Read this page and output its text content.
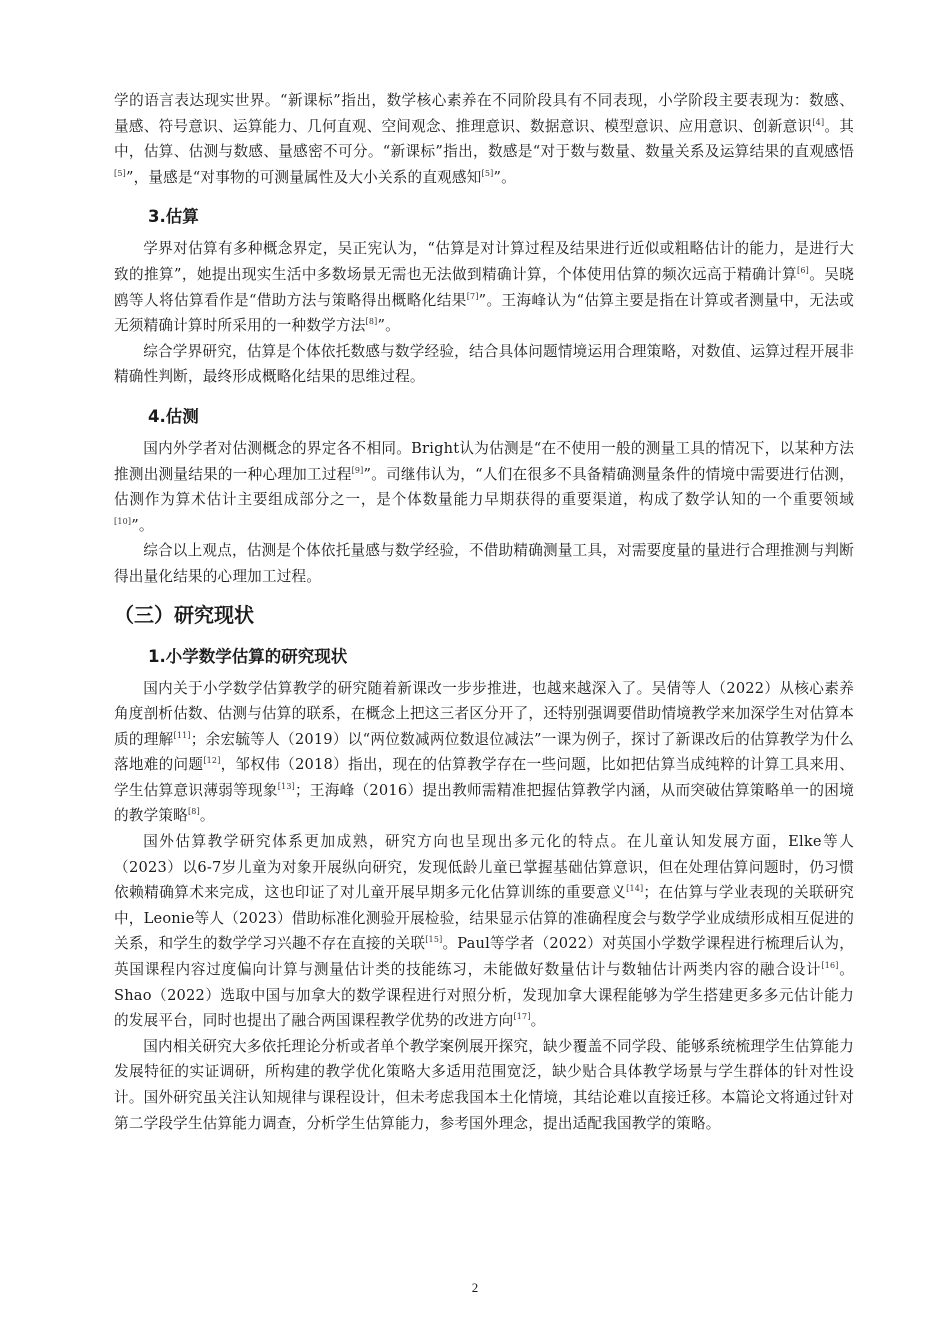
学的语言表达现实世界。“新课标”指出，数学核心素养在不同阶段具有不同表现，小学阶段主要表现为：数感、量感、符号意识、运算能力、几何直观、空间观念、推理意识、数据意识、模型意识、应用意识、创新意识[4]。其中，估算、估测与数感、量感密不可分。“新课标”指出，数感是“对于数与数量、数量关系及运算结果的直观感悟[5]”，量感是“对事物的可测量属性及大小关系的直观感知[5]”。

3.估算

学界对估算有多种概念界定，吴正宪认为，“估算是对计算过程及结果进行近似或粗略估计的能力，是进行大致的推算”，她提出现实生活中多数场景无需也无法做到精确计算，个体使用估算的频次远高于精确计算[6]。吴晓鸥等人将估算看作是“借助方法与策略得出概略化结果[7]”。王海峰认为“估算主要是指在计算或者测量中，无法或无须精确计算时所采用的一种数学方法[8]”。

综合学界研究，估算是个体依托数感与数学经验，结合具体问题情境运用合理策略，对数值、运算过程开展非精确性判断，最终形成概略化结果的思维过程。

4.估测

国内外学者对估测概念的界定各不相同。Bright认为估测是“在不使用一般的测量工具的情况下，以某种方法推测出测量结果的一种心理加工过程[9]”。司继伟认为，“人们在很多不具备精确测量条件的情境中需要进行估测，估测作为算术估计主要组成部分之一，是个体数量能力早期获得的重要渠道，构成了数学认知的一个重要领域[10]”。

综合以上观点，估测是个体依托量感与数学经验，不借助精确测量工具，对需要度量的量进行合理推测与判断得出量化结果的心理加工过程。

（三）研究现状
1.小学数学估算的研究现状

国内关于小学数学估算教学的研究随着新课改一步步推进，也越来越深入了。吴倩等人（2022）从核心素养角度剖析估数、估测与估算的联系，在概念上把这三者区分开了，还特别强调要借助情境教学来加深学生对估算本质的理解[11]；余宏毓等人（2019）以“两位数减两位数退位减法”一课为例子，探讨了新课改后的估算教学为什么落地难的问题[12]，邹权伟（2018）指出，现在的估算教学存在一些问题，比如把估算当成纯粹的计算工具来用、学生估算意识薄弱等现象[13]；王海峰（2016）提出教师需精准把握估算教学内涵，从而突破估算策略单一的困境的教学策略[8]。

国外估算教学研究体系更加成熟，研究方向也呈现出多元化的特点。在儿童认知发展方面，Elke等人（2023）以6-7岁儿童为对象开展纵向研究，发现低龄儿童已掌握基础估算意识，但在处理估算问题时，仍习惯依赖精确算术来完成，这也印证了对儿童开展早期多元化估算训练的重要意义[14]；在估算与学业表现的关联研究中，Leonie等人（2023）借助标准化测验开展检验，结果显示估算的准确程度会与数学学业成绩形成相互促进的关系，和学生的数学学习兴趣不存在直接的关联[15]。Paul等学者（2022）对英国小学数学课程进行梳理后认为，英国课程内容过度偏向计算与测量估计类的技能练习，未能做好数量估计与数轴估计两类内容的融合设计[16]。Shao（2022）选取中国与加拿大的数学课程进行对照分析，发现加拿大课程能够为学生搭建更多多元估计能力的发展平台，同时也提出了融合两国课程教学优势的改进方向[17]。

国内相关研究大多依托理论分析或者单个教学案例展开探究，缺少覆盖不同学段、能够系统梳理学生估算能力发展特征的实证调研，所构建的教学优化策略大多适用范围宽泛，缺少贴合具体教学场景与学生群体的针对性设计。国外研究虽关注认知规律与课程设计，但未考虑我国本土化情境，其结论难以直接迁移。本篇论文将通过针对第二学段学生估算能力调查，分析学生估算能力，参考国外理念，提出适配我国教学的策略。

2
